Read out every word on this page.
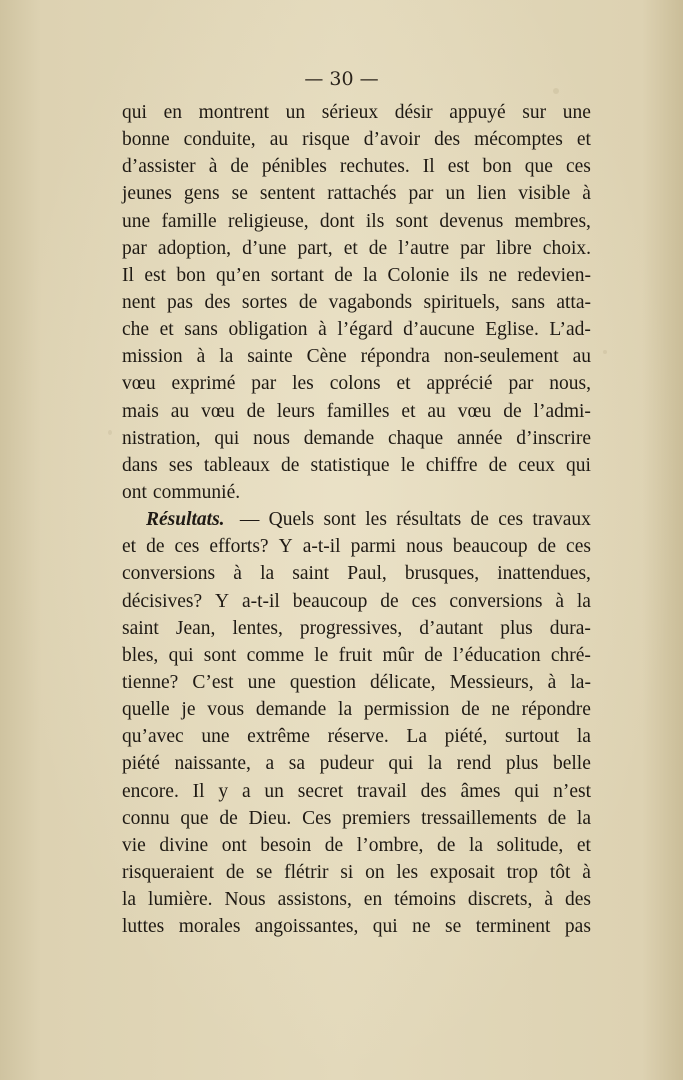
— 30 —
qui en montrent un sérieux désir appuyé sur une
bonne conduite, au risque d’avoir des mécomptes et
d’assister à de pénibles rechutes. Il est bon que ces
jeunes gens se sentent rattachés par un lien visible à
une famille religieuse, dont ils sont devenus membres,
par adoption, d’une part, et de l’autre par libre choix.
Il est bon qu’en sortant de la Colonie ils ne redevien-
nent pas des sortes de vagabonds spirituels, sans atta-
che et sans obligation à l’égard d’aucune Eglise. L’ad-
mission à la sainte Cène répondra non-seulement au
vœu exprimé par les colons et apprécié par nous,
mais au vœu de leurs familles et au vœu de l’admi-
nistration, qui nous demande chaque année d’inscrire
dans ses tableaux de statistique le chiffre de ceux qui
ont communié.
Résultats. — Quels sont les résultats de ces travaux
et de ces efforts? Y a-t-il parmi nous beaucoup de ces
conversions à la saint Paul, brusques, inattendues,
décisives? Y a-t-il beaucoup de ces conversions à la
saint Jean, lentes, progressives, d’autant plus dura-
bles, qui sont comme le fruit mûr de l’éducation chré-
tienne? C’est une question délicate, Messieurs, à la-
quelle je vous demande la permission de ne répondre
qu’avec une extrême réserve. La piété, surtout la
piété naissante, a sa pudeur qui la rend plus belle
encore. Il y a un secret travail des âmes qui n’est
connu que de Dieu. Ces premiers tressaillements de la
vie divine ont besoin de l’ombre, de la solitude, et
risqueraient de se flétrir si on les exposait trop tôt à
la lumière. Nous assistons, en témoins discrets, à des
luttes morales angoissantes, qui ne se terminent pas
